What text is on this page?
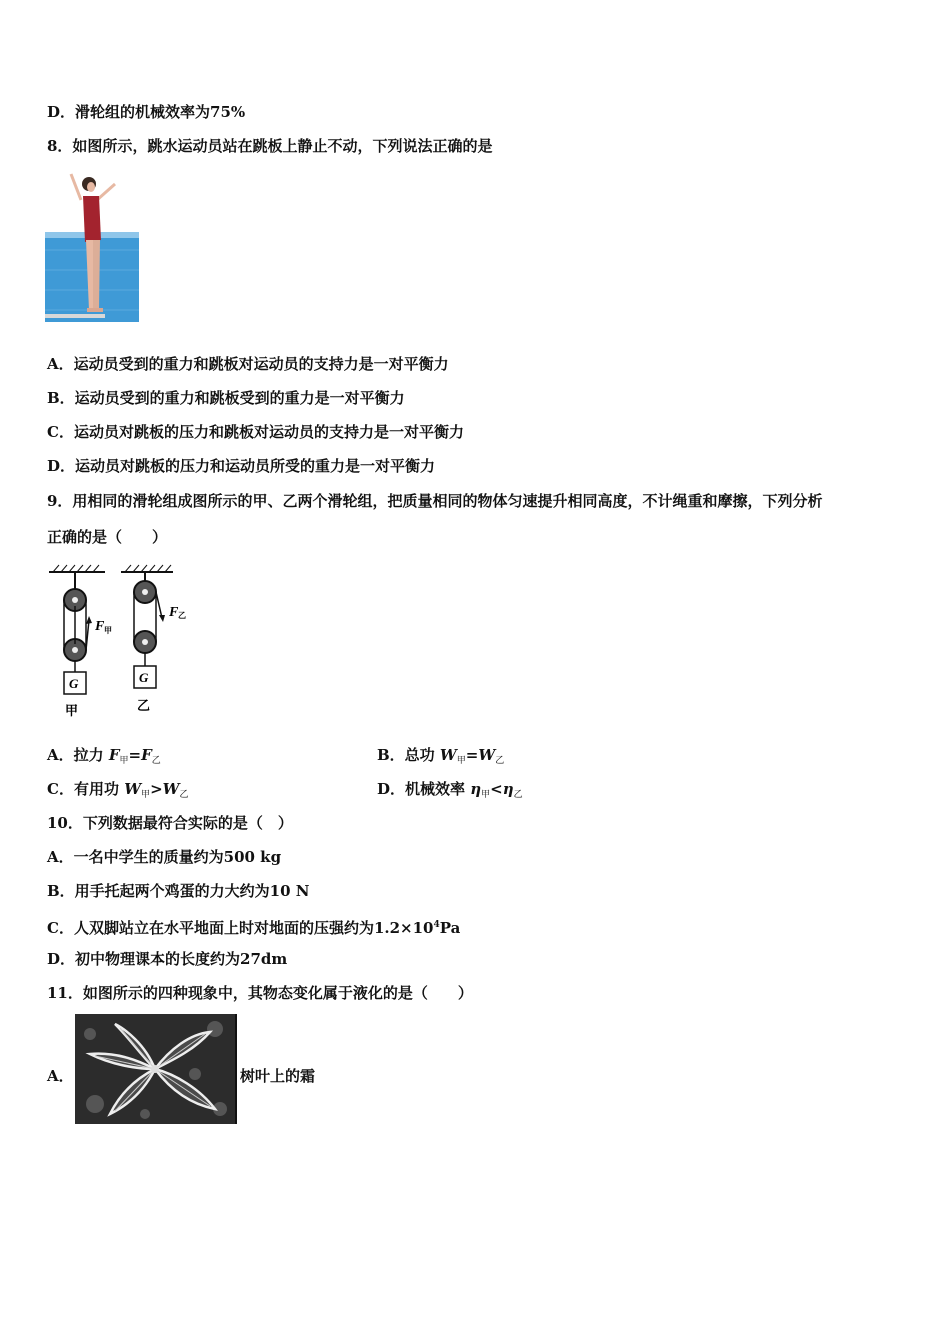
D．滑轮组的机械效率为75%
8．如图所示，跳水运动员站在跳板上静止不动，下列说法正确的是
A．运动员受到的重力和跳板对运动员的支持力是一对平衡力
B．运动员受到的重力和跳板受到的重力是一对平衡力
C．运动员对跳板的压力和跳板对运动员的支持力是一对平衡力
D．运动员对跳板的压力和运动员所受的重力是一对平衡力
9．用相同的滑轮组成图所示的甲、乙两个滑轮组，把质量相同的物体匀速提升相同高度，不计绳重和摩擦，下列分析
正确的是（　　）
F 甲
F 乙
G	G
甲	乙
A．拉力 $F_甲=F_乙$	B．总功 $W_甲=W_乙$
C．有用功 $W_甲>W_乙$	D．机械效率 $\eta_甲<\eta_乙$
10．下列数据最符合实际的是（　）
A．一名中学生的质量约为500 kg
B．用手托起两个鸡蛋的力大约为10 N
C．人双脚站立在水平地面上时对地面的压强约为$1.2\times 10^4Pa$
D．初中物理课本的长度约为27dm
11．如图所示的四种现象中，其物态变化属于液化的是（　　）
A．	树叶上的霜
